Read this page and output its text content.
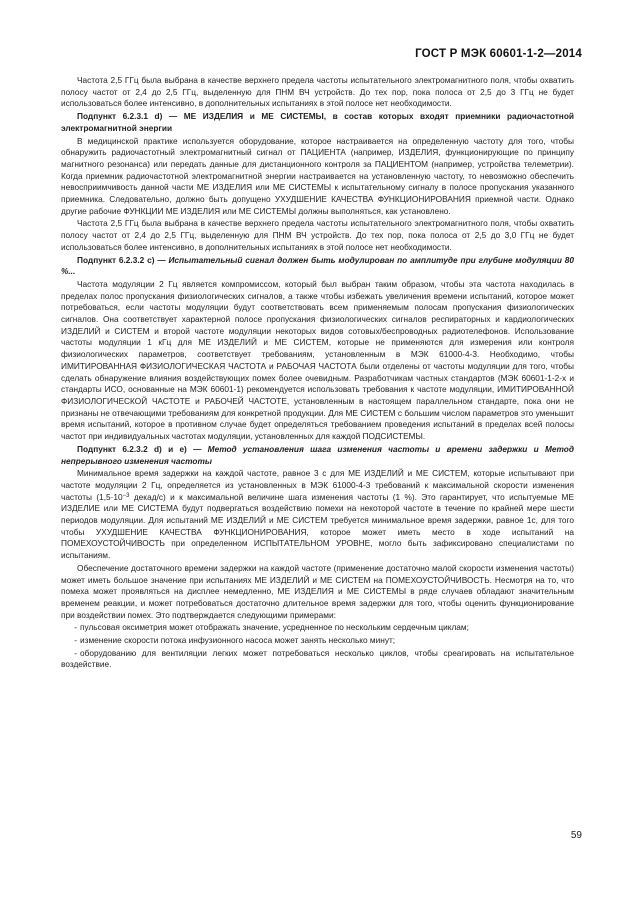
ГОСТ Р МЭК 60601-1-2—2014

Частота 2,5 ГГц была выбрана в качестве верхнего предела частоты испытательного электромагнитного поля, чтобы охватить полосу частот от 2,4 до 2,5 ГГц, выделенную для ПНМ ВЧ устройств. До тех пор, пока полоса от 2,5 до 3 ГГц не будет использоваться более интенсивно, в дополнительных испытаниях в этой полосе нет необходимости.

Подпункт 6.2.3.1 d) — МЕ ИЗДЕЛИЯ и МЕ СИСТЕМЫ, в состав которых входят приемники радиочастотной электромагнитной энергии

В медицинской практике используется оборудование, которое настраивается на определенную частоту для того, чтобы обнаружить радиочастотный электромагнитный сигнал от ПАЦИЕНТА (например, ИЗДЕЛИЯ, функционирующие по принципу магнитного резонанса) или передать данные для дистанционного контроля за ПАЦИЕНТОМ (например, устройства телеметрии). Когда приемник радиочастотной электромагнитной энергии настраивается на установленную частоту, то невозможно обеспечить невосприимчивость данной части МЕ ИЗДЕЛИЯ или МЕ СИСТЕМЫ к испытательному сигналу в полосе пропускания указанного приемника. Следовательно, должно быть допущено УХУДШЕНИЕ КАЧЕСТВА ФУНКЦИОНИРОВАНИЯ приемной части. Однако другие рабочие ФУНКЦИИ МЕ ИЗДЕЛИЯ или МЕ СИСТЕМЫ должны выполняться, как установлено.

Частота 2,5 ГГц была выбрана в качестве верхнего предела частоты испытательного электромагнитного поля, чтобы охватить полосу частот от 2,4 до 2,5 ГГц, выделенную для ПНМ ВЧ устройств. До тех пор, пока полоса от 2,5 до 3,0 ГГц не будет использоваться более интенсивно, в дополнительных испытаниях в этой полосе нет необходимости.

Подпункт 6.2.3.2 с) — Испытательный сигнал должен быть модулирован по амплитуде при глубине модуляции 80 %...

Частота модуляции 2 Гц является компромиссом, который был выбран таким образом, чтобы эта частота находилась в пределах полос пропускания физиологических сигналов, а также чтобы избежать увеличения времени испытаний, которое может потребоваться, если частоты модуляции будут соответствовать всем применяемым полосам пропускания физиологических сигналов. Она соответствует характерной полосе пропускания физиологических сигналов респираторных и кардиологических ИЗДЕЛИЙ и СИСТЕМ и второй частоте модуляции некоторых видов сотовых/беспроводных радиотелефонов. Использование частоты модуляции 1 кГц для МЕ ИЗДЕЛИЙ и МЕ СИСТЕМ, которые не применяются для измерения или контроля физиологических параметров, соответствует требованиям, установленным в МЭК 61000-4-3. Необходимо, чтобы ИМИТИРОВАННАЯ ФИЗИОЛОГИЧЕСКАЯ ЧАСТОТА и РАБОЧАЯ ЧАСТОТА были отделены от частоты модуляции для того, чтобы сделать обнаружение влияния воздействующих помех более очевидным. Разработчикам частных стандартов (МЭК 60601-1-2-х и стандарты ИСО, основанные на МЭК 60601-1) рекомендуется использовать требования к частоте модуляции, ИМИТИРОВАННОЙ ФИЗИОЛОГИЧЕСКОЙ ЧАСТОТЕ и РАБОЧЕЙ ЧАСТОТЕ, установленным в настоящем параллельном стандарте, пока они не признаны не отвечающими требованиям для конкретной продукции. Для МЕ СИСТЕМ с большим числом параметров это уменьшит время испытаний, которое в противном случае будет определяться требованием проведения испытаний в пределах всей полосы частот при индивидуальных частотах модуляции, установленных для каждой ПОДСИСТЕМЫ.

Подпункт 6.2.3.2 d) и е) — Метод установления шага изменения частоты и времени задержки и Метод непрерывного изменения частоты

Минимальное время задержки на каждой частоте, равное 3 с для МЕ ИЗДЕЛИЙ и МЕ СИСТЕМ, которые испытывают при частоте модуляции 2 Гц, определяется из установленных в МЭК 61000-4-3 требований к максимальной скорости изменения частоты ($1,5\cdot 10^{-3}$ декад/с) и к максимальной величине шага изменения частоты (1 %). Это гарантирует, что испытуемые МЕ ИЗДЕЛИЕ или МЕ СИСТЕМА будут подвергаться воздействию помехи на некоторой частоте в течение по крайней мере шести периодов модуляции. Для испытаний МЕ ИЗДЕЛИЙ и МЕ СИСТЕМ требуется минимальное время задержки, равное 1с, для того чтобы УХУДШЕНИЕ КАЧЕСТВА ФУНКЦИОНИРОВАНИЯ, которое может иметь место в ходе испытаний на ПОМЕХОУСТОЙЧИВОСТЬ при определенном ИСПЫТАТЕЛЬНОМ УРОВНЕ, могло быть зафиксировано специалистами по испытаниям.

Обеспечение достаточного времени задержки на каждой частоте (применение достаточно малой скорости изменения частоты) может иметь большое значение при испытаниях МЕ ИЗДЕЛИЙ и МЕ СИСТЕМ на ПОМЕХОУСТОЙЧИВОСТЬ. Несмотря на то, что помеха может проявляться на дисплее немедленно, МЕ ИЗДЕЛИЯ и МЕ СИСТЕМЫ в ряде случаев обладают значительным временем реакции, и может потребоваться достаточно длительное время задержки для того, чтобы оценить функционирование при воздействии помех. Это подтверждается следующими примерами:

- пульсовая оксиметрия может отображать значение, усредненное по нескольким сердечным циклам;

- изменение скорости потока инфузионного насоса может занять несколько минут;

- оборудованию для вентиляции легких может потребоваться несколько циклов, чтобы среагировать на испытательное воздействие.

59
